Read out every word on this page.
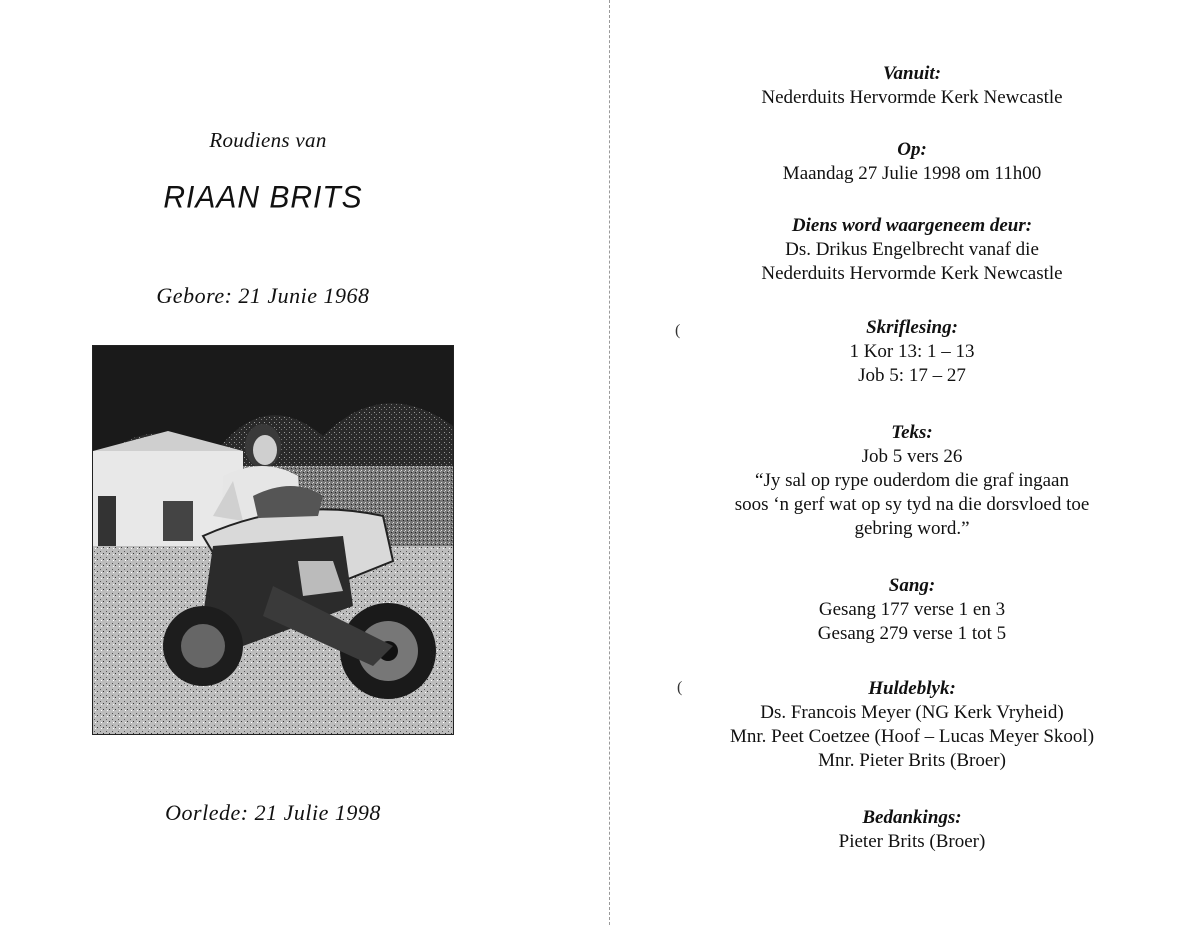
Roudiens van
RIAAN BRITS
Gebore: 21 Junie 1968
Oorlede: 21 Julie 1998
(
(
Vanuit:
Nederduits Hervormde Kerk Newcastle
Op:
Maandag 27 Julie 1998 om 11h00
Diens word waargeneem deur:
Ds. Drikus Engelbrecht vanaf die
Nederduits Hervormde Kerk Newcastle
Skriflesing:
1 Kor 13: 1 – 13
Job 5: 17 – 27
Teks:
Job 5 vers 26
“Jy sal op rype ouderdom die graf ingaan
soos ‘n gerf wat op sy tyd na die dorsvloed toe
gebring word.”
Sang:
Gesang 177 verse 1 en 3
Gesang 279 verse 1 tot 5
Huldeblyk:
Ds. Francois Meyer (NG Kerk Vryheid)
Mnr. Peet Coetzee (Hoof – Lucas Meyer Skool)
Mnr. Pieter Brits (Broer)
Bedankings:
Pieter Brits (Broer)
